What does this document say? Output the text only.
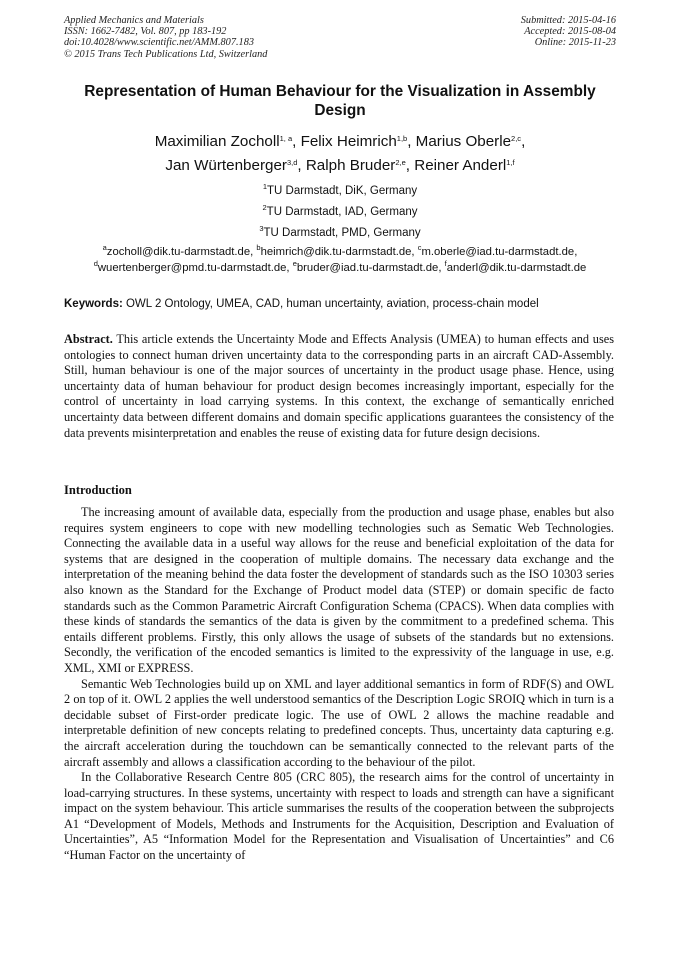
Applied Mechanics and Materials
ISSN: 1662-7482, Vol. 807, pp 183-192
doi:10.4028/www.scientific.net/AMM.807.183
© 2015 Trans Tech Publications Ltd, Switzerland
Submitted: 2015-04-16
Accepted: 2015-08-04
Online: 2015-11-23
Representation of Human Behaviour for the Visualization in Assembly Design
Maximilian Zocholl$^{1, a}$, Felix Heimrich$^{1,b}$, Marius Oberle$^{2,c}$,
Jan Würtenberger$^{3,d}$, Ralph Bruder$^{2,e}$, Reiner Anderl$^{1,f}$
$^1$TU Darmstadt, DiK, Germany
$^2$TU Darmstadt, IAD, Germany
$^3$TU Darmstadt, PMD, Germany
$^a$zocholl@dik.tu-darmstadt.de, $^b$heimrich@dik.tu-darmstadt.de, $^c$m.oberle@iad.tu-darmstadt.de,
$^d$wuertenberger@pmd.tu-darmstadt.de, $^e$bruder@iad.tu-darmstadt.de, $^f$anderl@dik.tu-darmstadt.de
Keywords: OWL 2 Ontology, UMEA, CAD, human uncertainty, aviation, process-chain model
Abstract. This article extends the Uncertainty Mode and Effects Analysis (UMEA) to human effects and uses ontologies to connect human driven uncertainty data to the corresponding parts in an aircraft CAD-Assembly. Still, human behaviour is one of the major sources of uncertainty in the product usage phase. Hence, using uncertainty data of human behaviour for product design becomes increasingly important, especially for the control of uncertainty in load carrying systems. In this context, the exchange of semantically enriched uncertainty data between different domains and domain specific applications guarantees the consistency of the data prevents misinterpretation and enables the reuse of existing data for future design decisions.
Introduction

The increasing amount of available data, especially from the production and usage phase, enables but also requires system engineers to cope with new modelling technologies such as Sematic Web Technologies. Connecting the available data in a useful way allows for the reuse and beneficial exploitation of the data for systems that are designed in the cooperation of multiple domains. The necessary data exchange and the interpretation of the meaning behind the data foster the development of standards such as the ISO 10303 series also known as the Standard for the Exchange of Product model data (STEP) or domain specific de facto standards such as the Common Parametric Aircraft Configuration Schema (CPACS). When data complies with these kinds of standards the semantics of the data is given by the commitment to a predefined schema. This entails different problems. Firstly, this only allows the usage of subsets of the standards but no extensions. Secondly, the verification of the encoded semantics is limited to the expressivity of the language in use, e.g. XML, XMI or EXPRESS.

Semantic Web Technologies build up on XML and layer additional semantics in form of RDF(S) and OWL 2 on top of it. OWL 2 applies the well understood semantics of the Description Logic SROIQ which in turn is a decidable subset of First-order predicate logic. The use of OWL 2 allows the machine readable and interpretable definition of new concepts relating to predefined concepts. Thus, uncertainty data capturing e.g. the aircraft acceleration during the touchdown can be semantically connected to the relevant parts of the aircraft assembly and allows a classification according to the behaviour of the pilot.

In the Collaborative Research Centre 805 (CRC 805), the research aims for the control of uncertainty in load-carrying structures. In these systems, uncertainty with respect to loads and strength can have a significant impact on the system behaviour. This article summarises the results of the cooperation between the subprojects A1 “Development of Models, Methods and Instruments for the Acquisition, Description and Evaluation of Uncertainties”, A5 “Information Model for the Representation and Visualisation of Uncertainties” and C6 “Human Factor on the uncertainty of
